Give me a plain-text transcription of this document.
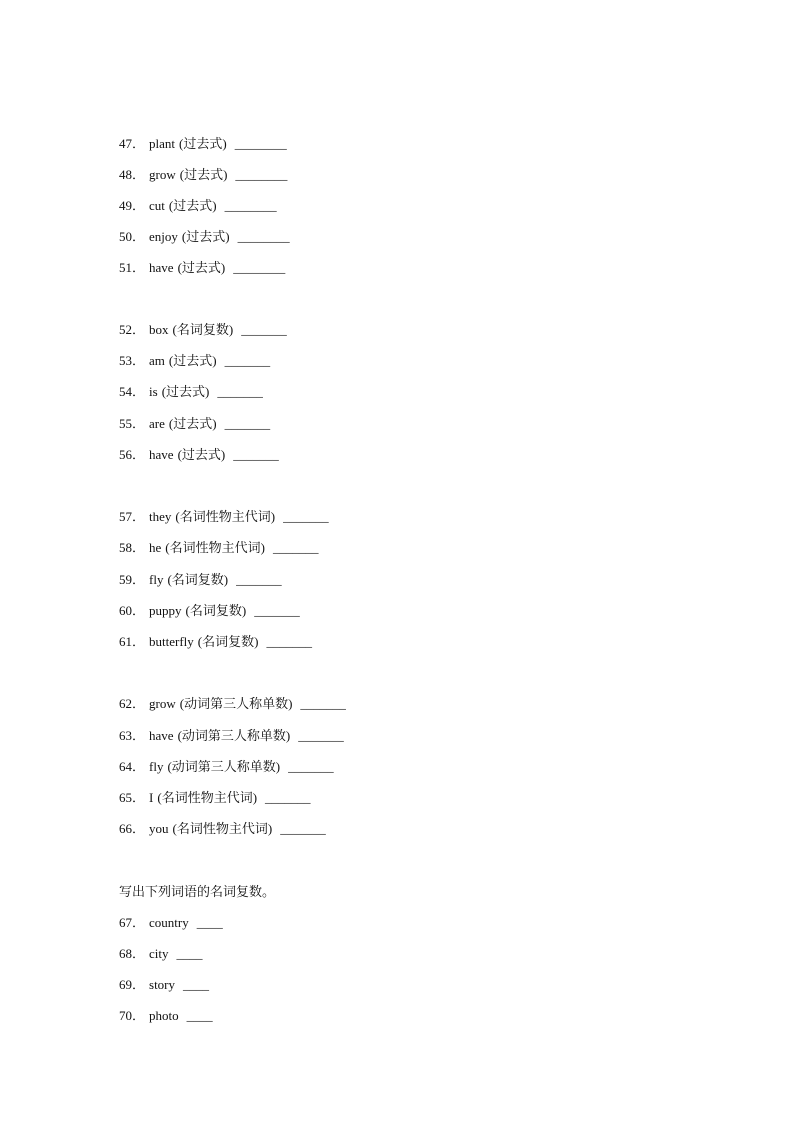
47． plant (过去式) ________
48． grow (过去式) ________
49． cut (过去式) ________
50． enjoy (过去式) ________
51． have (过去式) ________
52． box (名词复数) _______
53． am (过去式) _______
54． is (过去式) _______
55． are (过去式) _______
56． have (过去式) _______
57． they (名词性物主代词) _______
58． he (名词性物主代词) _______
59． fly (名词复数) _______
60． puppy (名词复数) _______
61． butterfly (名词复数) _______
62． grow (动词第三人称单数) _______
63． have (动词第三人称单数) _______
64． fly (动词第三人称单数) _______
65． I (名词性物主代词) _______
66． you (名词性物主代词) _______
写出下列词语的名词复数。
67． country ____
68． city ____
69． story ____
70． photo ____
